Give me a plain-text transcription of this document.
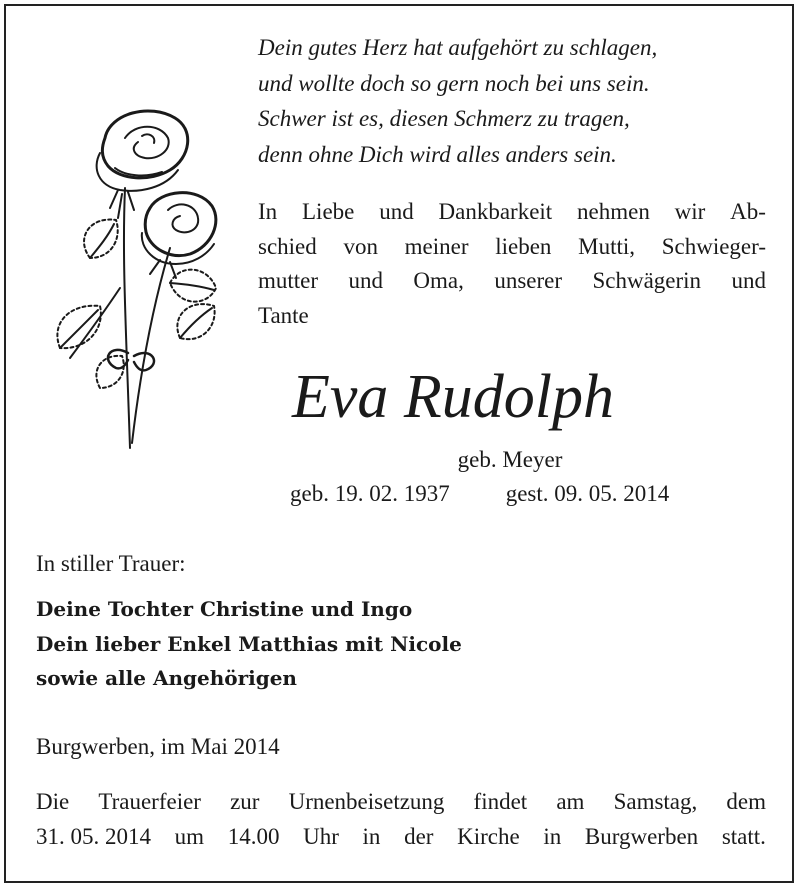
Dein gutes Herz hat aufgehört zu schlagen,
und wollte doch so gern noch bei uns sein.
Schwer ist es, diesen Schmerz zu tragen,
denn ohne Dich wird alles anders sein.
In Liebe und Dankbarkeit nehmen wir Ab-
schied von meiner lieben Mutti, Schwieger-
mutter und Oma, unserer Schwägerin und
Tante
Eva Rudolph
geb. Meyer
geb. 19. 02. 1937 gest. 09. 05. 2014
In stiller Trauer:
Deine Tochter Christine und Ingo
Dein lieber Enkel Matthias mit Nicole
sowie alle Angehörigen
Burgwerben, im Mai 2014
Die Trauerfeier zur Urnenbeisetzung findet am Samstag, dem
31. 05. 2014 um 14.00 Uhr in der Kirche in Burgwerben statt.
